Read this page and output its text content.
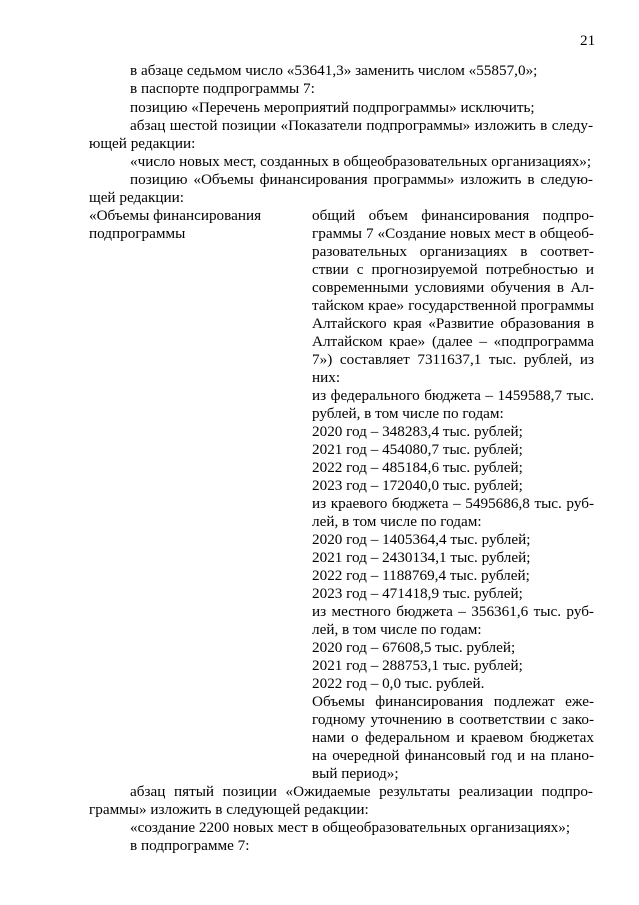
21
в абзаце седьмом число «53641,3» заменить числом «55857,0»;
в паспорте подпрограммы 7:
позицию «Перечень мероприятий подпрограммы» исключить;
абзац шестой позиции «Показатели подпрограммы» изложить в следу-
ющей редакции:
«число новых мест, созданных в общеобразовательных организациях»;
позицию «Объемы финансирования программы» изложить в следую-
щей редакции:
«Объемы финансирования
подпрограммы
общий объем финансирования подпро-
граммы 7 «Создание новых мест в общеоб-
разовательных организациях в соответ-
ствии с прогнозируемой потребностью и
современными условиями обучения в Ал-
тайском крае» государственной программы
Алтайского края «Развитие образования в
Алтайском крае» (далее – «подпрограмма
7») составляет 7311637,1 тыс. рублей, из
них:
из федерального бюджета – 1459588,7 тыс.
рублей, в том числе по годам:
2020 год – 348283,4 тыс. рублей;
2021 год – 454080,7 тыс. рублей;
2022 год – 485184,6 тыс. рублей;
2023 год – 172040,0 тыс. рублей;
из краевого бюджета – 5495686,8 тыс. руб-
лей, в том числе по годам:
2020 год – 1405364,4 тыс. рублей;
2021 год – 2430134,1 тыс. рублей;
2022 год – 1188769,4 тыс. рублей;
2023 год – 471418,9 тыс. рублей;
из местного бюджета – 356361,6 тыс. руб-
лей, в том числе по годам:
2020 год – 67608,5 тыс. рублей;
2021 год – 288753,1 тыс. рублей;
2022 год – 0,0 тыс. рублей.
Объемы финансирования подлежат еже-
годному уточнению в соответствии с зако-
нами о федеральном и краевом бюджетах
на очередной финансовый год и на плано-
вый период»;
абзац пятый позиции «Ожидаемые результаты реализации подпро-
граммы» изложить в следующей редакции:
«создание 2200 новых мест в общеобразовательных организациях»;
в подпрограмме 7:
